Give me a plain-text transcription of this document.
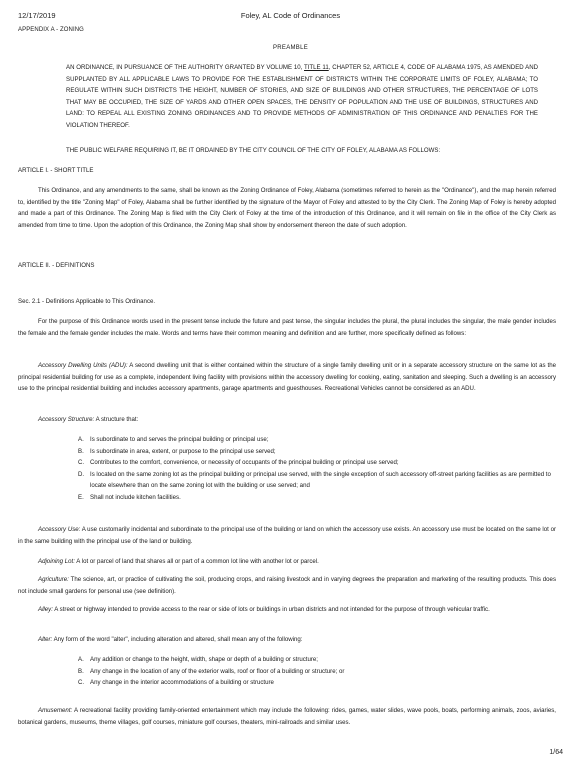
12/17/2019	Foley, AL Code of Ordinances
APPENDIX A - ZONING
PREAMBLE

AN ORDINANCE, IN PURSUANCE OF THE AUTHORITY GRANTED BY VOLUME 10, TITLE 11, CHAPTER 52, ARTICLE 4, CODE OF ALABAMA 1975, AS AMENDED AND SUPPLANTED BY ALL APPLICABLE LAWS TO PROVIDE FOR THE ESTABLISHMENT OF DISTRICTS WITHIN THE CORPORATE LIMITS OF FOLEY, ALABAMA; TO REGULATE WITHIN SUCH DISTRICTS THE HEIGHT, NUMBER OF STORIES, AND SIZE OF BUILDINGS AND OTHER STRUCTURES, THE PERCENTAGE OF LOTS THAT MAY BE OCCUPIED, THE SIZE OF YARDS AND OTHER OPEN SPACES, THE DENSITY OF POPULATION AND THE USE OF BUILDINGS, STRUCTURES AND LAND: TO REPEAL ALL EXISTING ZONING ORDINANCES AND TO PROVIDE METHODS OF ADMINISTRATION OF THIS ORDINANCE AND PENALTIES FOR THE VIOLATION THEREOF.

THE PUBLIC WELFARE REQUIRING IT, BE IT ORDAINED BY THE CITY COUNCIL OF THE CITY OF FOLEY, ALABAMA AS FOLLOWS:

ARTICLE I. - SHORT TITLE

This Ordinance, and any amendments to the same, shall be known as the Zoning Ordinance of Foley, Alabama (sometimes referred to herein as the "Ordinance"), and the map herein referred to, identified by the title "Zoning Map" of Foley, Alabama shall be further identified by the signature of the Mayor of Foley and attested to by the City Clerk. The Zoning Map of Foley is hereby adopted and made a part of this Ordinance. The Zoning Map is filed with the City Clerk of Foley at the time of the introduction of this Ordinance, and it will remain on file in the office of the City Clerk as amended from time to time. Upon the adoption of this Ordinance, the Zoning Map shall show by endorsement thereon the date of such adoption.

ARTICLE II. - DEFINITIONS
Sec. 2.1 - Definitions Applicable to This Ordinance.

For the purpose of this Ordinance words used in the present tense include the future and past tense, the singular includes the plural, the plural includes the singular, the male gender includes the female and the female gender includes the male. Words and terms have their common meaning and definition and are further, more specifically defined as follows:

Accessory Dwelling Units (ADU): A second dwelling unit that is either contained within the structure of a single family dwelling unit or in a separate accessory structure on the same lot as the principal residential building for use as a complete, independent living facility with provisions within the accessory dwelling for cooking, eating, sanitation and sleeping. Such a dwelling is an accessory use to the principal residential building and includes accessory apartments, garage apartments and guesthouses. Recreational Vehicles cannot be considered as an ADU.

Accessory Structure: A structure that:

A. Is subordinate to and serves the principal building or principal use;
B. Is subordinate in area, extent, or purpose to the principal use served;
C. Contributes to the comfort, convenience, or necessity of occupants of the principal building or principal use served;
D. Is located on the same zoning lot as the principal building or principal use served, with the single exception of such accessory off-street parking facilities as are permitted to locate elsewhere than on the same zoning lot with the building or use served; and
E. Shall not include kitchen facilities.

Accessory Use: A use customarily incidental and subordinate to the principal use of the building or land on which the accessory use exists. An accessory use must be located on the same lot or in the same building with the principal use of the land or building.

Adjoining Lot: A lot or parcel of land that shares all or part of a common lot line with another lot or parcel.

Agriculture: The science, art, or practice of cultivating the soil, producing crops, and raising livestock and in varying degrees the preparation and marketing of the resulting products. This does not include small gardens for personal use (see definition).

Alley: A street or highway intended to provide access to the rear or side of lots or buildings in urban districts and not intended for the purpose of through vehicular traffic.

Alter: Any form of the word "alter", including alteration and altered, shall mean any of the following:

A. Any addition or change to the height, width, shape or depth of a building or structure;
B. Any change in the location of any of the exterior walls, roof or floor of a building or structure; or
C. Any change in the interior accommodations of a building or structure

Amusement: A recreational facility providing family-oriented entertainment which may include the following: rides, games, water slides, wave pools, boats, performing animals, zoos, aviaries, botanical gardens, museums, theme villages, golf courses, miniature golf courses, theaters, mini-railroads and similar uses.

1/64
